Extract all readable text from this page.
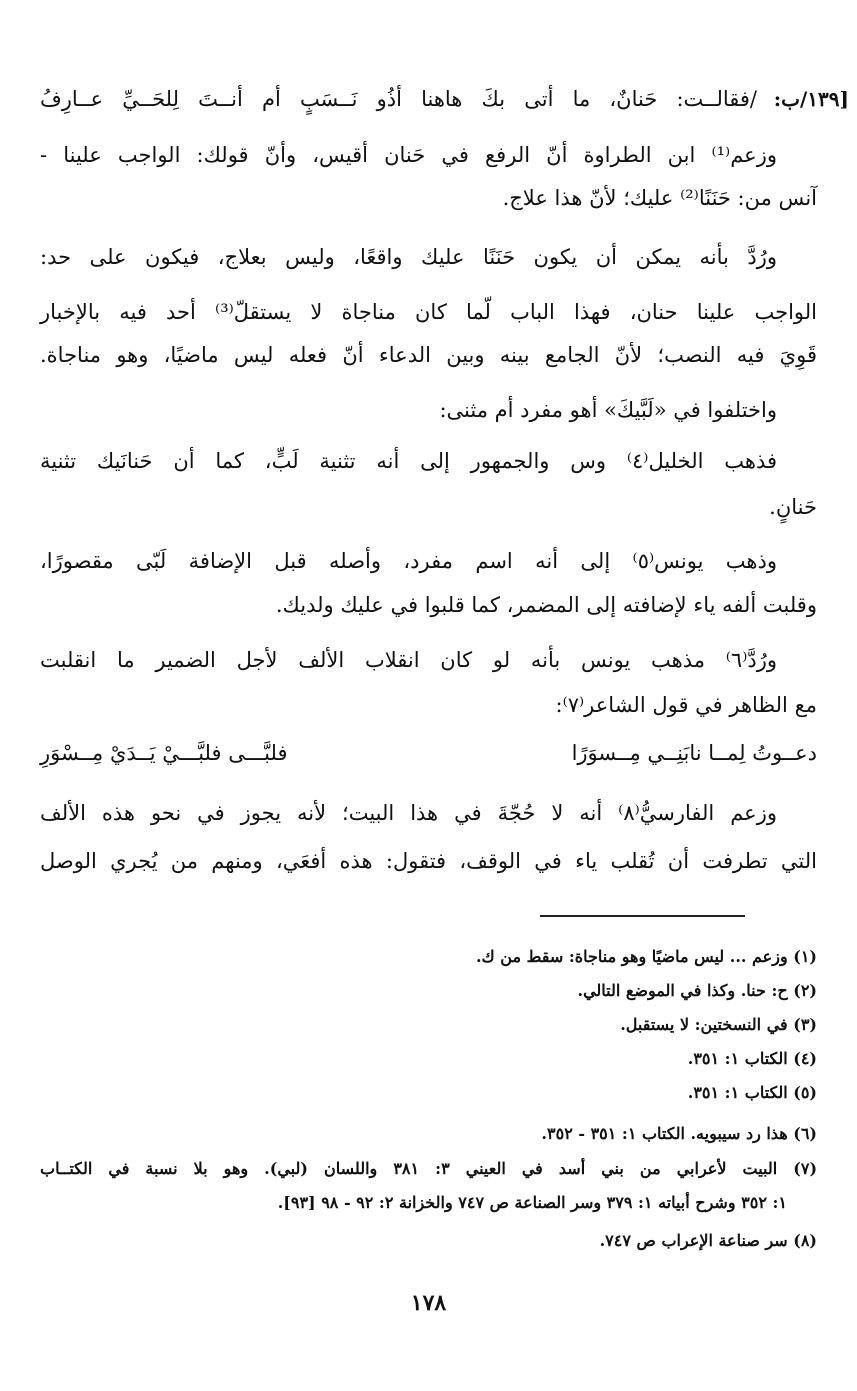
:١٣٩/ب]
/فقالــت: حَنانٌ، ما أتى بكَ هاهنا أذُو نَــسَبٍ أم أنــتَ لِلحَــيِّ عــارِفُ
وزعم⁽¹⁾ ابن الطراوة أنّ الرفع في حَنان أقيس، وأنّ قولك: الواجب علينا -
آنس من: حَنَنًا⁽²⁾ عليك؛ لأنّ هذا علاج.
ورُدَّ بأنه يمكن أن يكون حَنَنًا عليك واقعًا، وليس بعلاج، فيكون على حد:
الواجب علينا حنان، فهذا الباب لّما كان مناجاة لا يستقلّ⁽³⁾ أحد فيه بالإخبار
قَوِيَ فيه النصب؛ لأنّ الجامع بينه وبين الدعاء أنّ فعله ليس ماضيًا، وهو مناجاة.
واختلفوا في «لَبَّيكَ» أهو مفرد أم مثنى:
فذهب الخليل⁽٤⁾ وس والجمهور إلى أنه تثنية لَبٍّ، كما أن حَنانَيك تثنية
حَنانٍ.
وذهب يونس⁽٥⁾ إلى أنه اسم مفرد، وأصله قبل الإضافة لَبّى مقصورًا،
وقلبت ألفه ياء لإضافته إلى المضمر، كما قلبوا في عليك ولديك.
ورُدَّ⁽٦⁾ مذهب يونس بأنه لو كان انقلاب الألف لأجل الضمير ما انقلبت
مع الظاهر في قول الشاعر⁽٧⁾:
دعــوتُ لِمــا نابَنِــي مِــسوَرًا
فلبَّـــى فلبَّـــيْ يَــدَيْ مِــسْوَرِ
وزعم الفارسيُّ⁽٨⁾ أنه لا حُجّةَ في هذا البيت؛ لأنه يجوز في نحو هذه الألف
التي تطرفت أن تُقلب ياء في الوقف، فتقول: هذه أفعَي، ومنهم من يُجري الوصل
(١) وزعم ... ليس ماضيًا وهو مناجاة: سقط من ك.
(٢) ح: حنا. وكذا في الموضع التالي.
(٣) في النسختين: لا يستقبل.
(٤) الكتاب ١: ٣٥١.
(٥) الكتاب ١: ٣٥١.
(٦) هذا رد سيبويه. الكتاب ١: ٣٥١ - ٣٥٢.
(٧) البيت لأعرابي من بني أسد في العيني ٣: ٣٨١ واللسان (لبي). وهو بلا نسبة في الكتــاب
١: ٣٥٢ وشرح أبياته ١: ٣٧٩ وسر الصناعة ص ٧٤٧ والخزانة ٢: ٩٢ - ٩٨ [٩٣].
(٨) سر صناعة الإعراب ص ٧٤٧.
١٧٨
